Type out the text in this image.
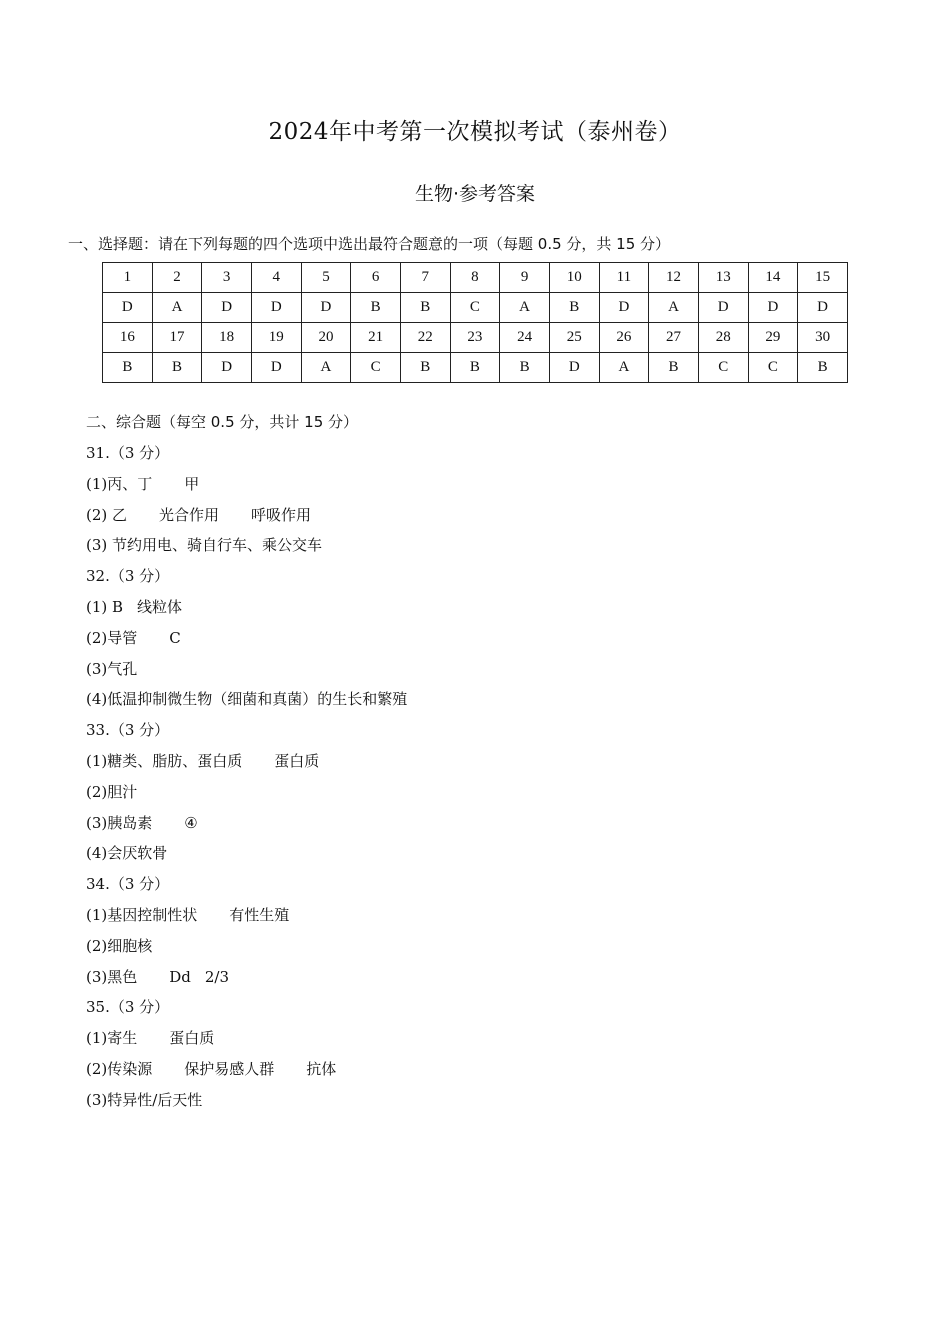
2024年中考第一次模拟考试（泰州卷）
生物·参考答案
一、选择题：请在下列每题的四个选项中选出最符合题意的一项（每题 0.5 分，共 15 分）
1	2	3	4	5	6	7	8	9	10	11	12	13	14	15
D	A	D	D	D	B	B	C	A	B	D	A	D	D	D
16	17	18	19	20	21	22	23	24	25	26	27	28	29	30
B	B	D	D	A	C	B	B	B	D	A	B	C	C	B
二、综合题（每空 0.5 分，共计 15 分）
31.（3 分）
(1)丙、丁 甲
(2) 乙 光合作用 呼吸作用
(3) 节约用电、骑自行车、乘公交车
32.（3 分）
(1) B 线粒体
(2)导管 C
(3)气孔
(4)低温抑制微生物（细菌和真菌）的生长和繁殖
33.（3 分）
(1)糖类、脂肪、蛋白质 蛋白质
(2)胆汁
(3)胰岛素 ④
(4)会厌软骨
34.（3 分）
(1)基因控制性状 有性生殖
(2)细胞核
(3)黑色 Dd 2/3
35.（3 分）
(1)寄生 蛋白质
(2)传染源 保护易感人群 抗体
(3)特异性/后天性
